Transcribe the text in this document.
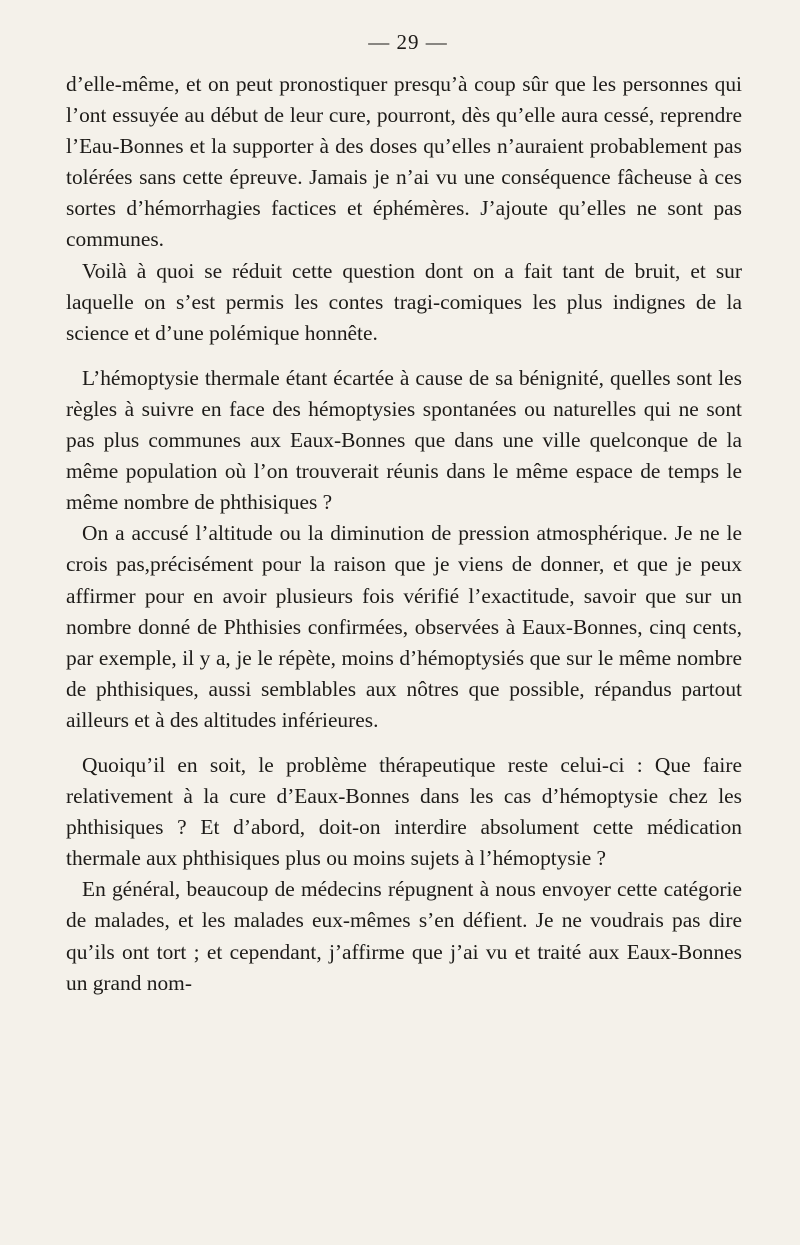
— 29 —

d’elle-même, et on peut pronostiquer presqu’à coup sûr que les personnes qui l’ont essuyée au début de leur cure, pourront, dès qu’elle aura cessé, reprendre l’Eau-Bonnes et la supporter à des doses qu’elles n’auraient probablement pas tolérées sans cette épreuve. Jamais je n’ai vu une conséquence fâcheuse à ces sortes d’hémorrhagies factices et éphémères. J’ajoute qu’elles ne sont pas communes.

Voilà à quoi se réduit cette question dont on a fait tant de bruit, et sur laquelle on s’est permis les contes tragi-comiques les plus indignes de la science et d’une polémique honnête.

L’hémoptysie thermale étant écartée à cause de sa bénignité, quelles sont les règles à suivre en face des hémoptysies spontanées ou naturelles qui ne sont pas plus communes aux Eaux-Bonnes que dans une ville quelconque de la même population où l’on trouverait réunis dans le même espace de temps le même nombre de phthisiques ?

On a accusé l’altitude ou la diminution de pression atmosphérique. Je ne le crois pas,précisément pour la raison que je viens de donner, et que je peux affirmer pour en avoir plusieurs fois vérifié l’exactitude, savoir que sur un nombre donné de Phthisies confirmées, observées à Eaux-Bonnes, cinq cents, par exemple, il y a, je le répète, moins d’hémoptysiés que sur le même nombre de phthisiques, aussi semblables aux nôtres que possible, répandus partout ailleurs et à des altitudes inférieures.

Quoiqu’il en soit, le problème thérapeutique reste celui-ci : Que faire relativement à la cure d’Eaux-Bonnes dans les cas d’hémoptysie chez les phthisiques ? Et d’abord, doit-on interdire absolument cette médication thermale aux phthisiques plus ou moins sujets à l’hémoptysie ?

En général, beaucoup de médecins répugnent à nous envoyer cette catégorie de malades, et les malades eux-mêmes s’en défient. Je ne voudrais pas dire qu’ils ont tort ; et cependant, j’affirme que j’ai vu et traité aux Eaux-Bonnes un grand nom-
